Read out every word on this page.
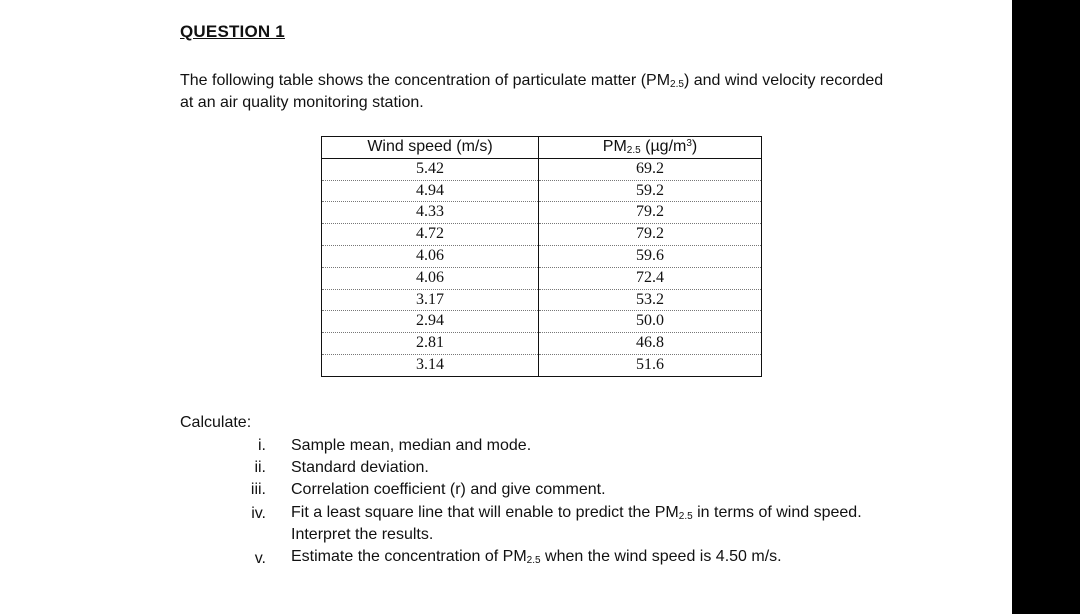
QUESTION 1
The following table shows the concentration of particulate matter $(PM_{2.5})$ and wind velocity recorded at an air quality monitoring station.
Wind speed (m/s)	$PM_{2.5}$ $(\mu g/m^3)$
5.42	69.2
4.94	59.2
4.33	79.2
4.72	79.2
4.06	59.6
4.06	72.4
3.17	53.2
2.94	50.0
2.81	46.8
3.14	51.6
Calculate:
i. Sample mean, median and mode.
ii. Standard deviation.
iii. Correlation coefficient (r) and give comment.
iv. Fit a least square line that will enable to predict the $PM_{2.5}$ in terms of wind speed. Interpret the results.
v. Estimate the concentration of $PM_{2.5}$ when the wind speed is 4.50 m/s.
